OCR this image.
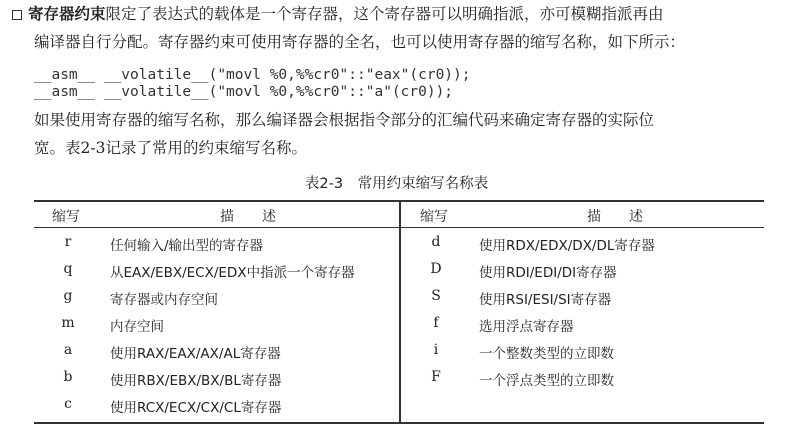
寄存器约束限定了表达式的载体是一个寄存器，这个寄存器可以明确指派，亦可模糊指派再由
编译器自行分配。寄存器约束可使用寄存器的全名，也可以使用寄存器的缩写名称，如下所示：
__asm__ __volatile__("movl %0,%%cr0"::"eax"(cr0));
__asm__ __volatile__("movl %0,%%cr0"::"a"(cr0));
如果使用寄存器的缩写名称，那么编译器会根据指令部分的汇编代码来确定寄存器的实际位
宽。表2-3记录了常用的约束缩写名称。
表2-3　常用约束缩写名称表
缩写	描　　述	缩写	描　　述
r	任何输入/输出型的寄存器	d	使用RDX/EDX/DX/DL寄存器
q	从EAX/EBX/ECX/EDX中指派一个寄存器	D	使用RDI/EDI/DI寄存器
g	寄存器或内存空间	S	使用RSI/ESI/SI寄存器
m	内存空间	f	选用浮点寄存器
a	使用RAX/EAX/AX/AL寄存器	i	一个整数类型的立即数
b	使用RBX/EBX/BX/BL寄存器	F	一个浮点类型的立即数
c	使用RCX/ECX/CX/CL寄存器
